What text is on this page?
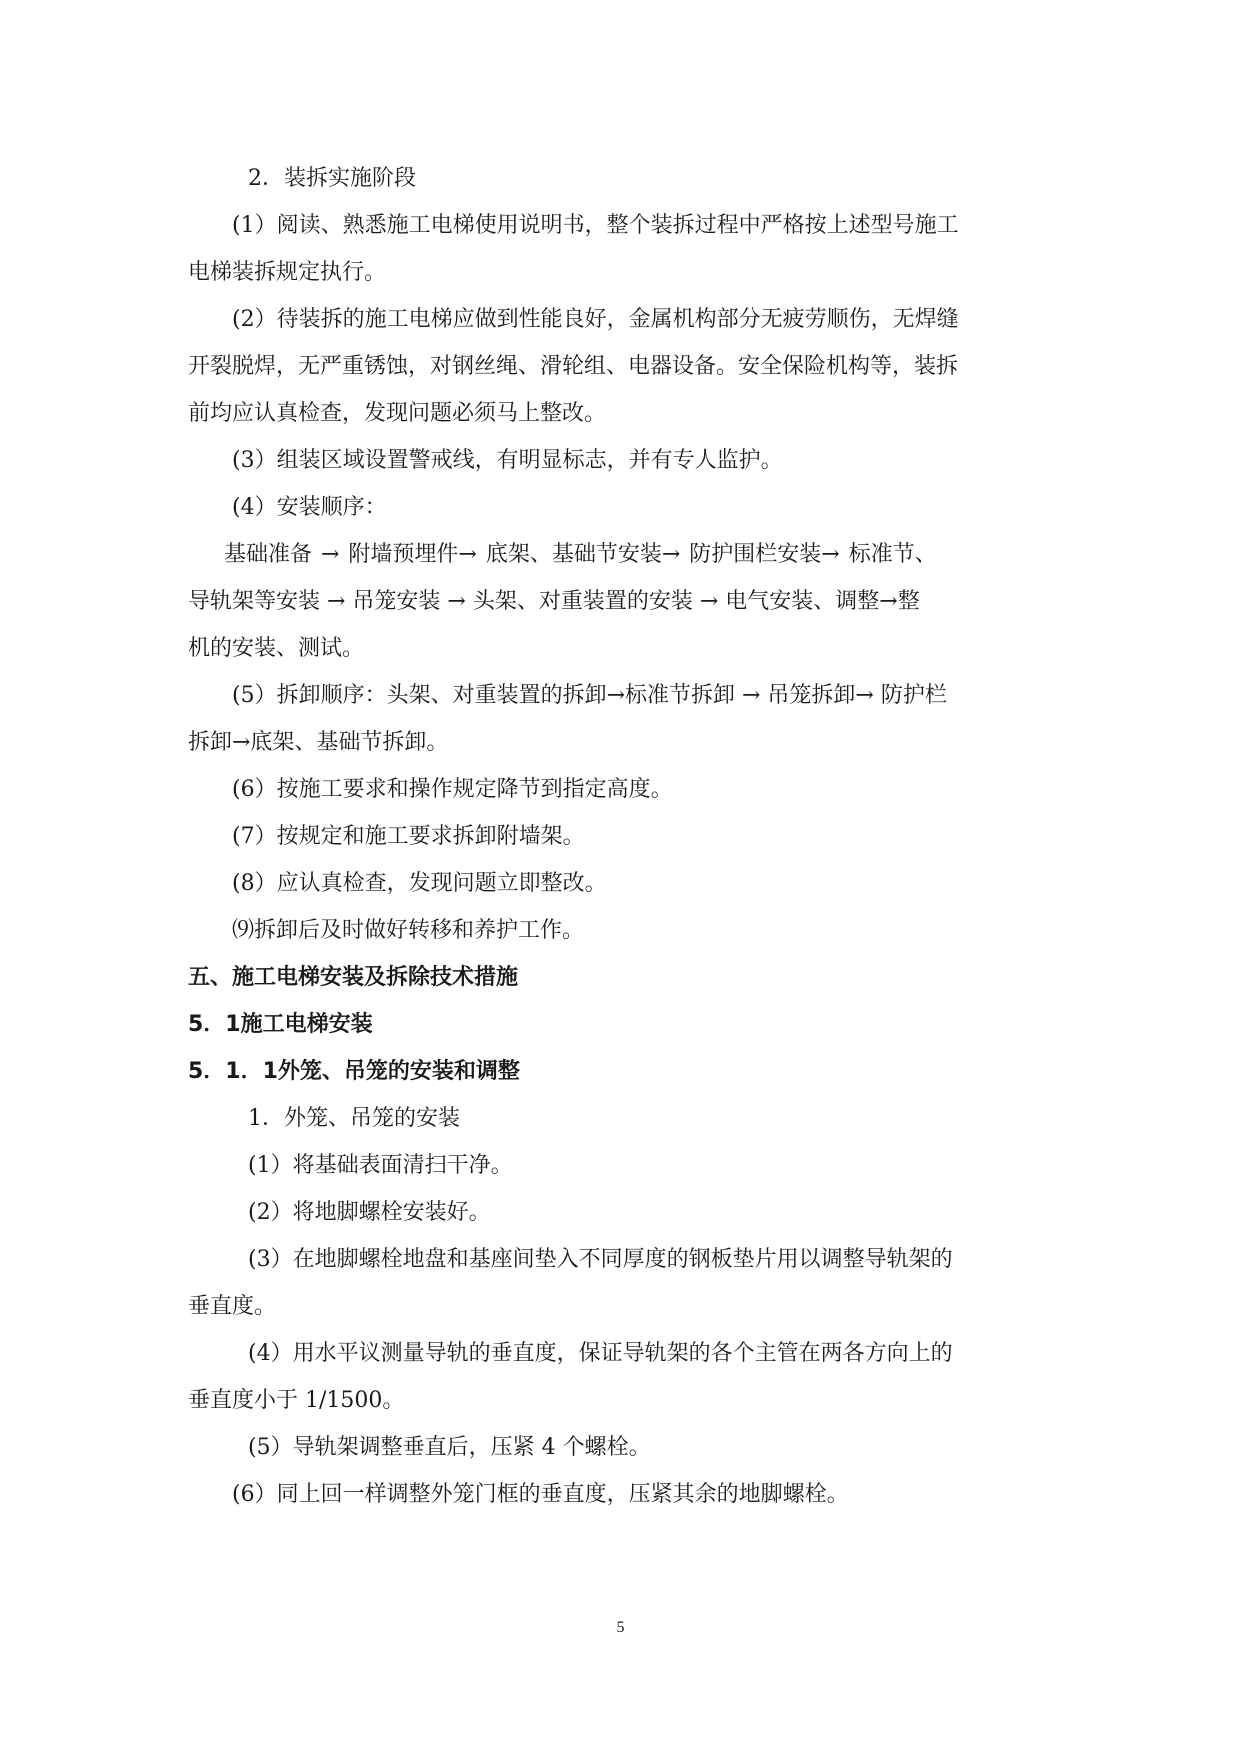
2．装拆实施阶段
(1）阅读、熟悉施工电梯使用说明书，整个装拆过程中严格按上述型号施工
电梯装拆规定执行。
(2）待装拆的施工电梯应做到性能良好，金属机构部分无疲劳顺伤，无焊缝
开裂脱焊，无严重锈蚀，对钢丝绳、滑轮组、电器设备。安全保险机构等，装拆
前均应认真检查，发现问题必须马上整改。
(3）组装区域设置警戒线，有明显标志，并有专人监护。
(4）安装顺序：
基础准备 → 附墙预埋件→ 底架、基础节安装→ 防护围栏安装→ 标准节、
导轨架等安装 → 吊笼安装 → 头架、对重装置的安装 → 电气安装、调整→整
机的安装、测试。
(5）拆卸顺序：头架、对重装置的拆卸→标准节拆卸 → 吊笼拆卸→ 防护栏
拆卸→底架、基础节拆卸。
(6）按施工要求和操作规定降节到指定高度。
(7）按规定和施工要求拆卸附墙架。
(8）应认真检查，发现问题立即整改。
⑼拆卸后及时做好转移和养护工作。
五、施工电梯安装及拆除技术措施
5．1施工电梯安装
5．1．1外笼、吊笼的安装和调整
1．外笼、吊笼的安装
(1）将基础表面清扫干净。
(2）将地脚螺栓安装好。
(3）在地脚螺栓地盘和基座间垫入不同厚度的钢板垫片用以调整导轨架的
垂直度。
(4）用水平议测量导轨的垂直度，保证导轨架的各个主管在两各方向上的
垂直度小于 1/1500。
(5）导轨架调整垂直后，压紧 4 个螺栓。
(6）同上回一样调整外笼门框的垂直度，压紧其余的地脚螺栓。
5
